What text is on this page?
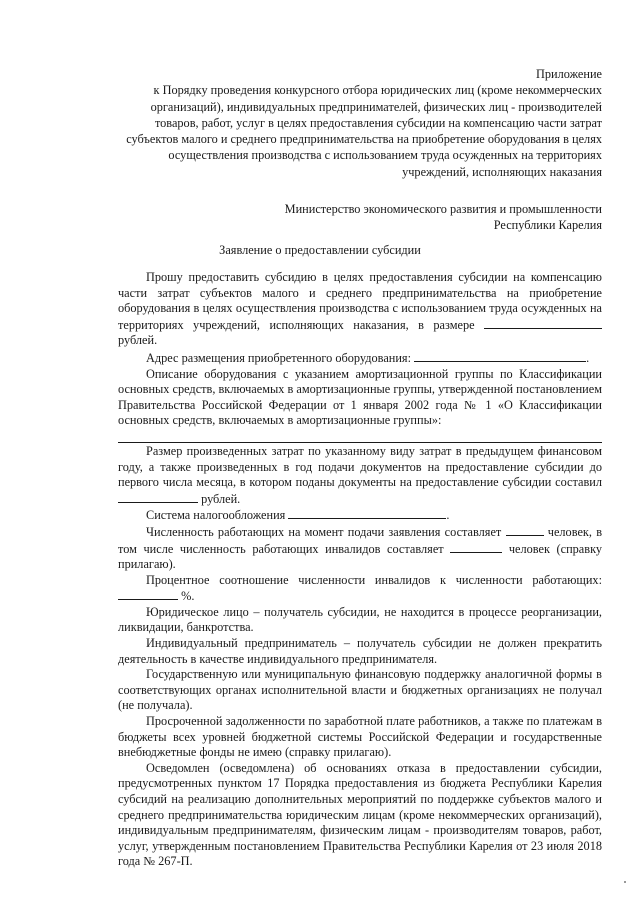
Приложение

к Порядку проведения конкурсного отбора юридических лиц (кроме некоммерческих

организаций), индивидуальных предпринимателей, физических лиц - производителей

товаров, работ, услуг в целях предоставления субсидии на компенсацию части затрат

субъектов малого и среднего предпринимательства на приобретение оборудования в целях

осуществления производства с использованием труда осужденных на территориях

учреждений, исполняющих наказания

Министерство экономического развития и промышленности

Республики Карелия

Заявление о предоставлении субсидии

Прошу предоставить субсидию в целях предоставления субсидии на компенсацию части затрат субъектов малого и среднего предпринимательства на приобретение оборудования в целях осуществления производства с использованием труда осужденных на территориях учреждений, исполняющих наказания, в размере  рублей.

Адрес размещения приобретенного оборудования:	.

Описание оборудования с указанием амортизационной группы по Классификации основных средств, включаемых в амортизационные группы, утвержденной постановлением Правительства Российской Федерации от 1 января 2002 года № 1 «О Классификации основных средств, включаемых в амортизационные группы»:

Размер произведенных затрат по указанному виду затрат в предыдущем финансовом году, а также произведенных в год подачи документов на предоставление субсидии до первого числа месяца, в котором поданы документы на предоставление субсидии составил  рублей.

Система налогообложения	.

Численность работающих на момент подачи заявления составляет	человек, в том числе численность работающих инвалидов составляет	человек (справку прилагаю).

Процентное соотношение численности инвалидов к численности работающих:  %.

Юридическое лицо – получатель субсидии, не находится в процессе реорганизации, ликвидации, банкротства.

Индивидуальный предприниматель – получатель субсидии не должен прекратить деятельность в качестве индивидуального предпринимателя.

Государственную или муниципальную финансовую поддержку аналогичной формы в соответствующих органах исполнительной власти и бюджетных организациях не получал (не получала).

Просроченной задолженности по заработной плате работников, а также по платежам в бюджеты всех уровней бюджетной системы Российской Федерации и государственные внебюджетные фонды не имею (справку прилагаю).

Осведомлен (осведомлена) об основаниях отказа в предоставлении субсидии, предусмотренных пунктом 17 Порядка предоставления из бюджета Республики Карелия субсидий на реализацию дополнительных мероприятий по поддержке субъектов малого и среднего предпринимательства юридическим лицам (кроме некоммерческих организаций), индивидуальным предпринимателям, физическим лицам - производителям товаров, работ, услуг, утвержденным постановлением Правительства Республики Карелия от 23 июля 2018 года № 267-П.
